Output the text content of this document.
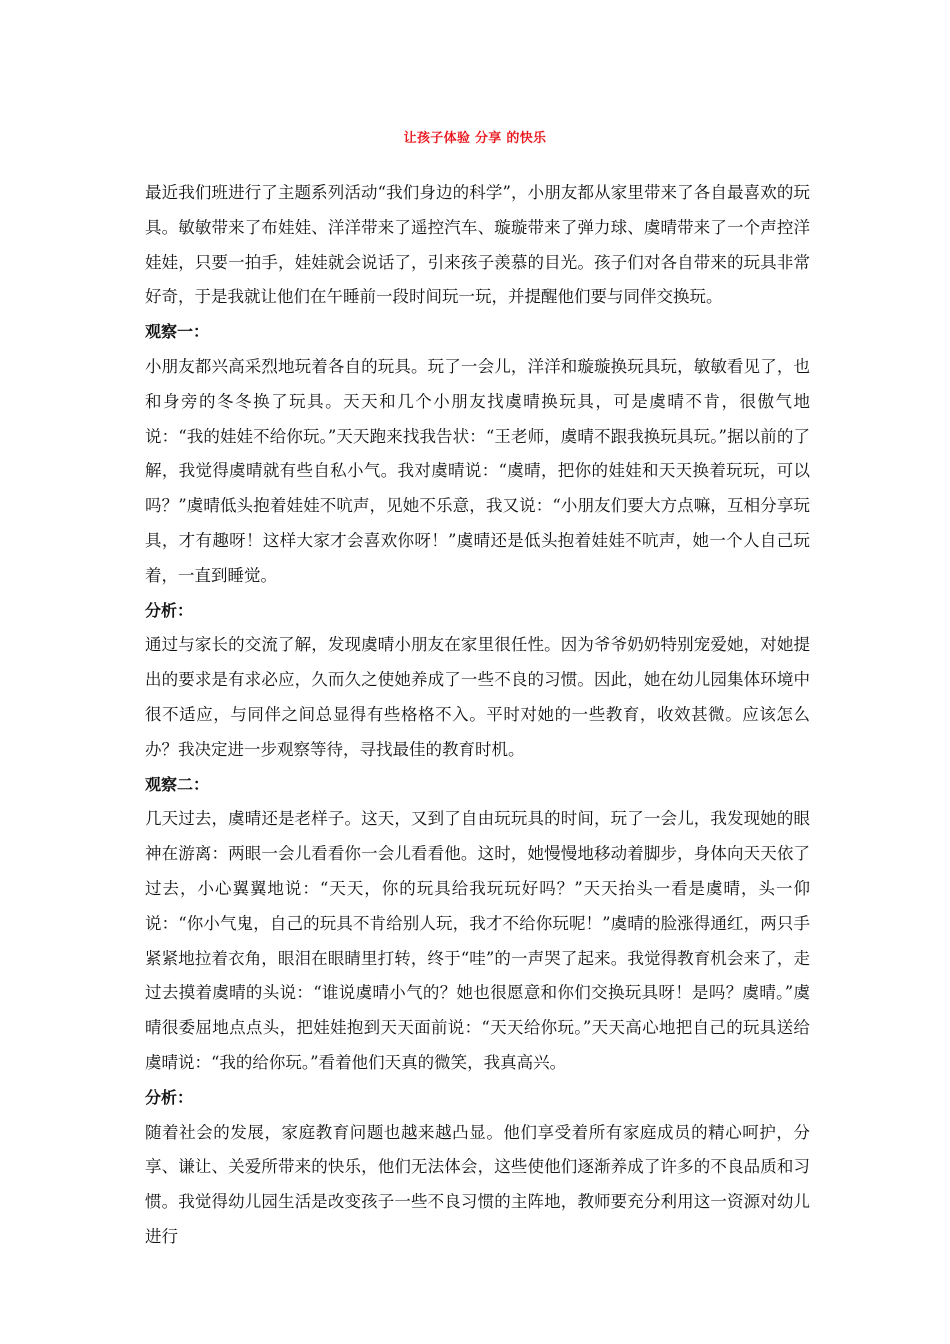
让孩子体验 分享 的快乐

最近我们班进行了主题系列活动“我们身边的科学”，小朋友都从家里带来了各自最喜欢的玩具。敏敏带来了布娃娃、洋洋带来了遥控汽车、璇璇带来了弹力球、虞晴带来了一个声控洋娃娃，只要一拍手，娃娃就会说话了，引来孩子羡慕的目光。孩子们对各自带来的玩具非常好奇，于是我就让他们在午睡前一段时间玩一玩，并提醒他们要与同伴交换玩。

观察一：

小朋友都兴高采烈地玩着各自的玩具。玩了一会儿，洋洋和璇璇换玩具玩，敏敏看见了，也和身旁的冬冬换了玩具。天天和几个小朋友找虞晴换玩具，可是虞晴不肯，很傲气地说：“我的娃娃不给你玩。”天天跑来找我告状：“王老师，虞晴不跟我换玩具玩。”据以前的了解，我觉得虞晴就有些自私小气。我对虞晴说：“虞晴，把你的娃娃和天天换着玩玩，可以吗？”虞晴低头抱着娃娃不吭声，见她不乐意，我又说：“小朋友们要大方点嘛，互相分享玩具，才有趣呀！这样大家才会喜欢你呀！”虞晴还是低头抱着娃娃不吭声，她一个人自己玩着，一直到睡觉。

分析：

通过与家长的交流了解，发现虞晴小朋友在家里很任性。因为爷爷奶奶特别宠爱她，对她提出的要求是有求必应，久而久之使她养成了一些不良的习惯。因此，她在幼儿园集体环境中很不适应，与同伴之间总显得有些格格不入。平时对她的一些教育，收效甚微。应该怎么办？我决定进一步观察等待，寻找最佳的教育时机。

观察二：

几天过去，虞晴还是老样子。这天，又到了自由玩玩具的时间，玩了一会儿，我发现她的眼神在游离：两眼一会儿看看你一会儿看看他。这时，她慢慢地移动着脚步，身体向天天依了过去，小心翼翼地说：“天天，你的玩具给我玩玩好吗？”天天抬头一看是虞晴，头一仰说：“你小气鬼，自己的玩具不肯给别人玩，我才不给你玩呢！”虞晴的脸涨得通红，两只手紧紧地拉着衣角，眼泪在眼睛里打转，终于“哇”的一声哭了起来。我觉得教育机会来了，走过去摸着虞晴的头说：“谁说虞晴小气的？她也很愿意和你们交换玩具呀！是吗？虞晴。”虞晴很委屈地点点头，把娃娃抱到天天面前说：“天天给你玩。”天天高心地把自己的玩具送给虞晴说：“我的给你玩。”看着他们天真的微笑，我真高兴。

分析：

随着社会的发展，家庭教育问题也越来越凸显。他们享受着所有家庭成员的精心呵护，分享、谦让、关爱所带来的快乐，他们无法体会，这些使他们逐渐养成了许多的不良品质和习惯。我觉得幼儿园生活是改变孩子一些不良习惯的主阵地，教师要充分利用这一资源对幼儿进行
